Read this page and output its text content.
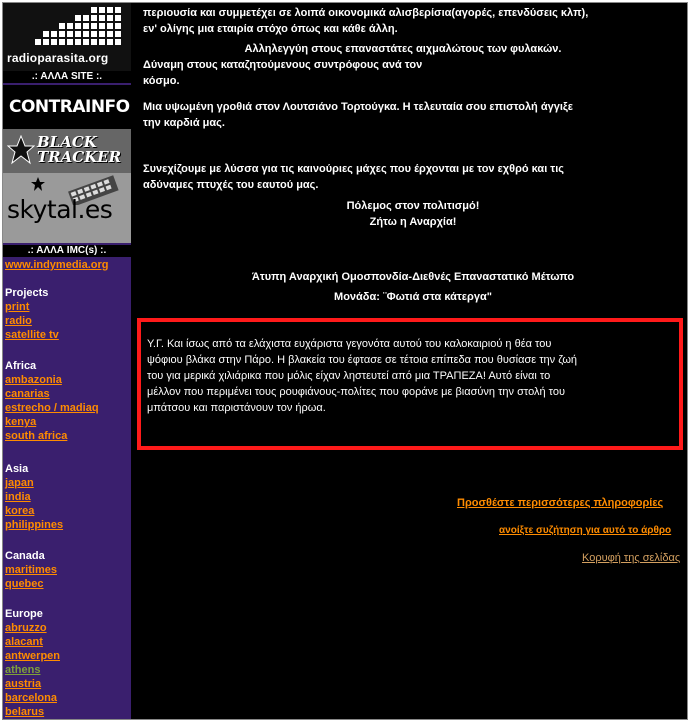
radioparasita.org
.: ΑΛΛΑ SITE :.
CONTRAINFO
BLACK
TRACKER
skytal.es
.: ΑΛΛΑ IMC(s) :.
www.indymedia.org
Projects
print
radio
satellite tv
Africa
ambazonia
canarias
estrecho / madiaq
kenya
south africa
Asia
japan
india
korea
philippines
Canada
maritimes
quebec
Europe
abruzzo
alacant
antwerpen
athens
austria
barcelona
belarus
περιουσία και συμμετέχει σε λοιπά οικονομικά αλισβερίσια(αγορές, επενδύσεις κλπ),
εν' ολίγης μια εταιρία στόχο όπως και κάθε άλλη.
Αλληλεγγύη στους επαναστάτες αιχμαλώτους των φυλακών.
Δύναμη στους καταζητούμενους συντρόφους ανά τον
κόσμο.
Μια υψωμένη γροθιά στον Λουτσιάνο Τορτούγκα. Η τελευταία σου επιστολή άγγιξε
την καρδιά μας.
Συνεχίζουμε με λύσσα για τις καινούριες μάχες που έρχονται με τον εχθρό και τις
αδύναμες πτυχές του εαυτού μας.
Πόλεμος στον πολιτισμό!
Ζήτω η Αναρχία!
Άτυπη Αναρχική Ομοσπονδία-Διεθνές Επαναστατικό Μέτωπο
Μονάδα: ¨Φωτιά στα κάτεργα"
Υ.Γ. Και ίσως από τα ελάχιστα ευχάριστα γεγονότα αυτού του καλοκαιριού η θέα του
ψόφιου βλάκα στην Πάρο. Η βλακεία του έφτασε σε τέτοια επίπεδα που θυσίασε την ζωή
του για μερικά χιλιάρικα που μόλις είχαν ληστευτεί από μια ΤΡΑΠΕΖΑ! Αυτό είναι το
μέλλον που περιμένει τους ρουφιάνους-πολίτες που φοράνε με βιασύνη την στολή του
μπάτσου και παριστάνουν τον ήρωα.
Προσθέστε περισσότερες πληροφορίες
ανοίξτε συζήτηση για αυτό το άρθρο
Κορυφή της σελίδας
